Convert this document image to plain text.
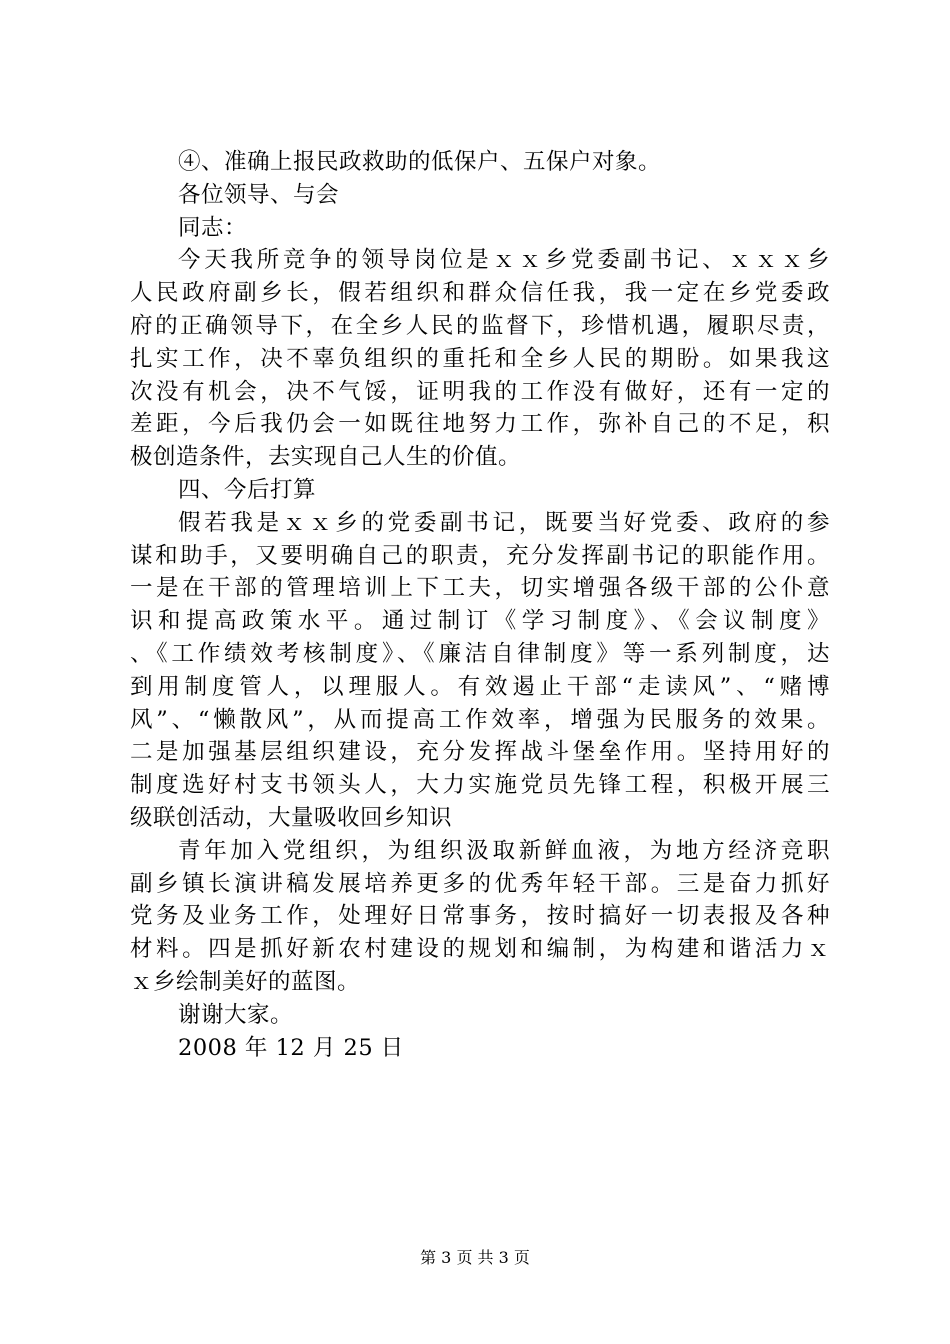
④、准确上报民政救助的低保户、五保户对象。
各位领导、与会
同志：
今天我所竞争的领导岗位是ｘｘ乡党委副书记、ｘｘｘ乡
人民政府副乡长，假若组织和群众信任我，我一定在乡党委政
府的正确领导下，在全乡人民的监督下，珍惜机遇，履职尽责，
扎实工作，决不辜负组织的重托和全乡人民的期盼。如果我这
次没有机会，决不气馁，证明我的工作没有做好，还有一定的
差距，今后我仍会一如既往地努力工作，弥补自己的不足，积
极创造条件，去实现自己人生的价值。
四、今后打算
假若我是ｘｘ乡的党委副书记，既要当好党委、政府的参
谋和助手，又要明确自己的职责，充分发挥副书记的职能作用。
一是在干部的管理培训上下工夫，切实增强各级干部的公仆意
识和提高政策水平。通过制订《学习制度》、《会议制度》
、《工作绩效考核制度》、《廉洁自律制度》等一系列制度，达
到用制度管人，以理服人。有效遏止干部“走读风”、“赌博
风”、“懒散风”，从而提高工作效率，增强为民服务的效果。
二是加强基层组织建设，充分发挥战斗堡垒作用。坚持用好的
制度选好村支书领头人，大力实施党员先锋工程，积极开展三
级联创活动，大量吸收回乡知识
青年加入党组织，为组织汲取新鲜血液，为地方经济竞职
副乡镇长演讲稿发展培养更多的优秀年轻干部。三是奋力抓好
党务及业务工作，处理好日常事务，按时搞好一切表报及各种
材料。四是抓好新农村建设的规划和编制，为构建和谐活力ｘ
ｘ乡绘制美好的蓝图。
谢谢大家。
2008 年 12 月 25 日
第 3 页 共 3 页
